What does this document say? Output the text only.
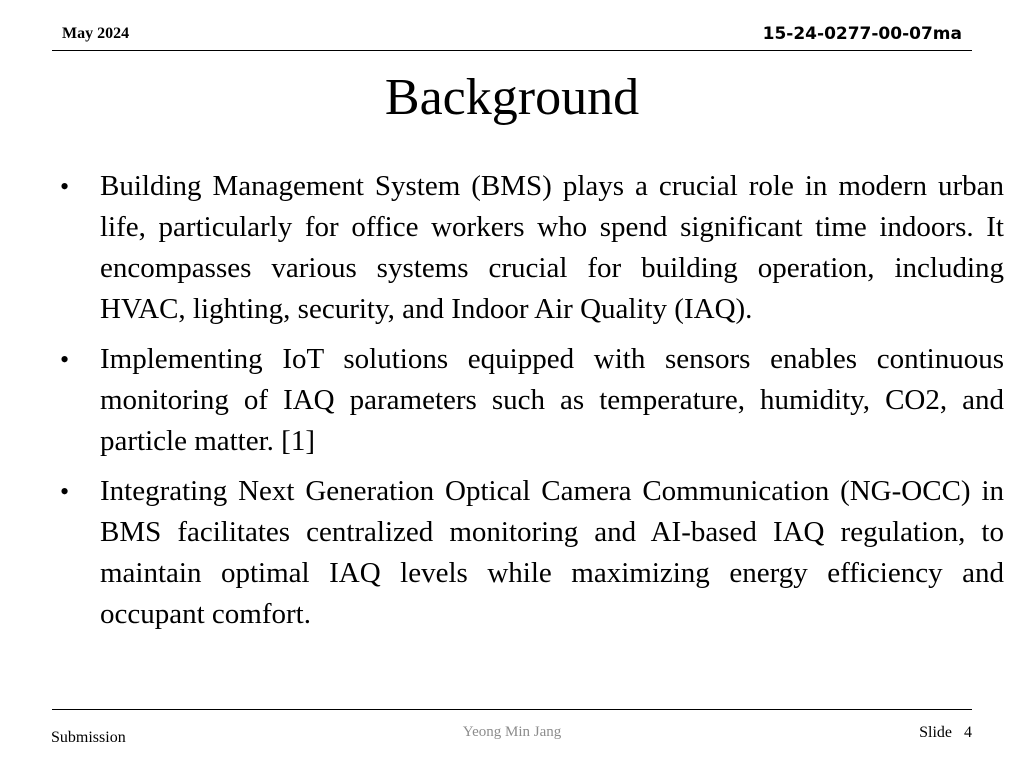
May 2024	15-24-0277-00-07ma
Background
•	Building Management System (BMS) plays a crucial role in modern urban life, particularly for office workers who spend significant time indoors. It encompasses various systems crucial for building operation, including HVAC, lighting, security, and Indoor Air Quality (IAQ).
•	Implementing IoT solutions equipped with sensors enables continuous monitoring of IAQ parameters such as temperature, humidity, CO2, and particle matter. [1]
•	Integrating Next Generation Optical Camera Communication (NG-OCC) in BMS facilitates centralized monitoring and AI-based IAQ regulation, to maintain optimal IAQ levels while maximizing energy efficiency and occupant comfort.
Submission	Yeong Min Jang	Slide 4
